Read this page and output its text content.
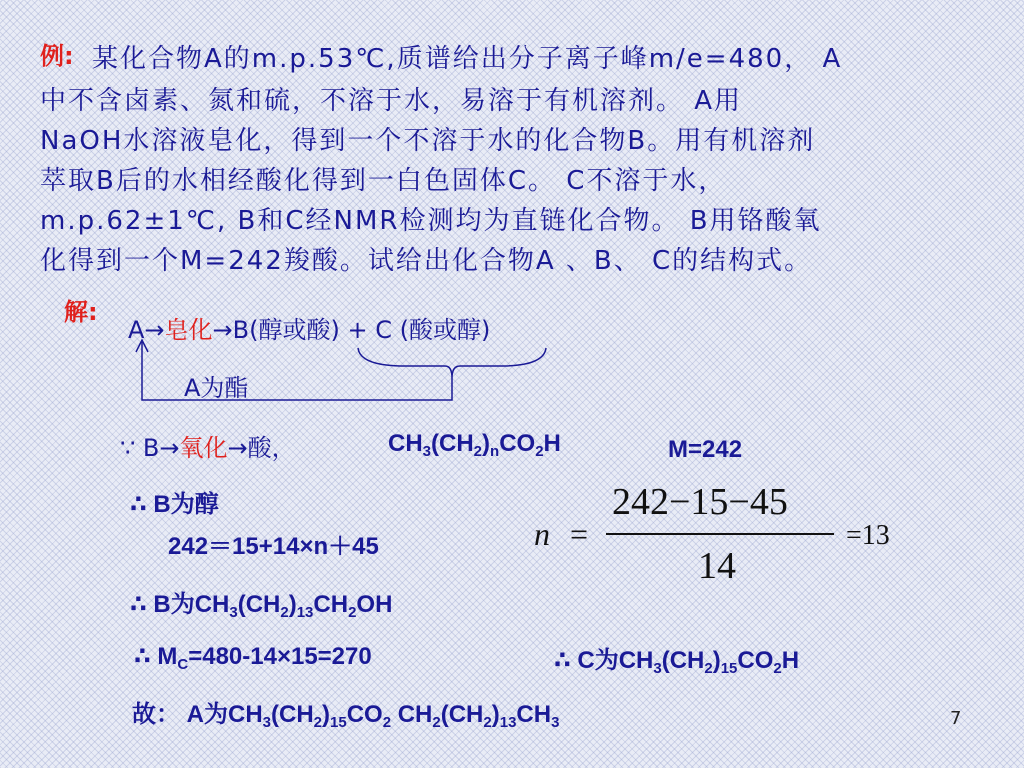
例: 某化合物A的m.p.53℃,质谱给出分子离子峰m/e=480， A
中不含卤素、氮和硫，不溶于水，易溶于有机溶剂。 A用
NaOH水溶液皂化，得到一个不溶于水的化合物B。用有机溶剂
萃取B后的水相经酸化得到一白色固体C。 C不溶于水，
m.p.62±1℃, B和C经NMR检测均为直链化合物。 B用铬酸氧
化得到一个M=242羧酸。试给出化合物A 、B、 C的结构式。
解:
A→皂化→B(醇或酸) + C (酸或醇)
A为酯
∵ B→氧化→酸，	$CH_3(CH_2)_nCO_2H$	M=242
∴ B为醇
242＝15+14×n＋45	n =
242−15−45
14
=13
∴ B为$CH_3(CH_2)_{13}CH_2OH$
∴ $M_C=480-14\times 15=270$	∴ C为$CH_3(CH_2)_{15}CO_2H$
故： A为$CH_3(CH_2)_{15}CO_2$ $CH_2(CH_2)_{13}CH_3$	7
